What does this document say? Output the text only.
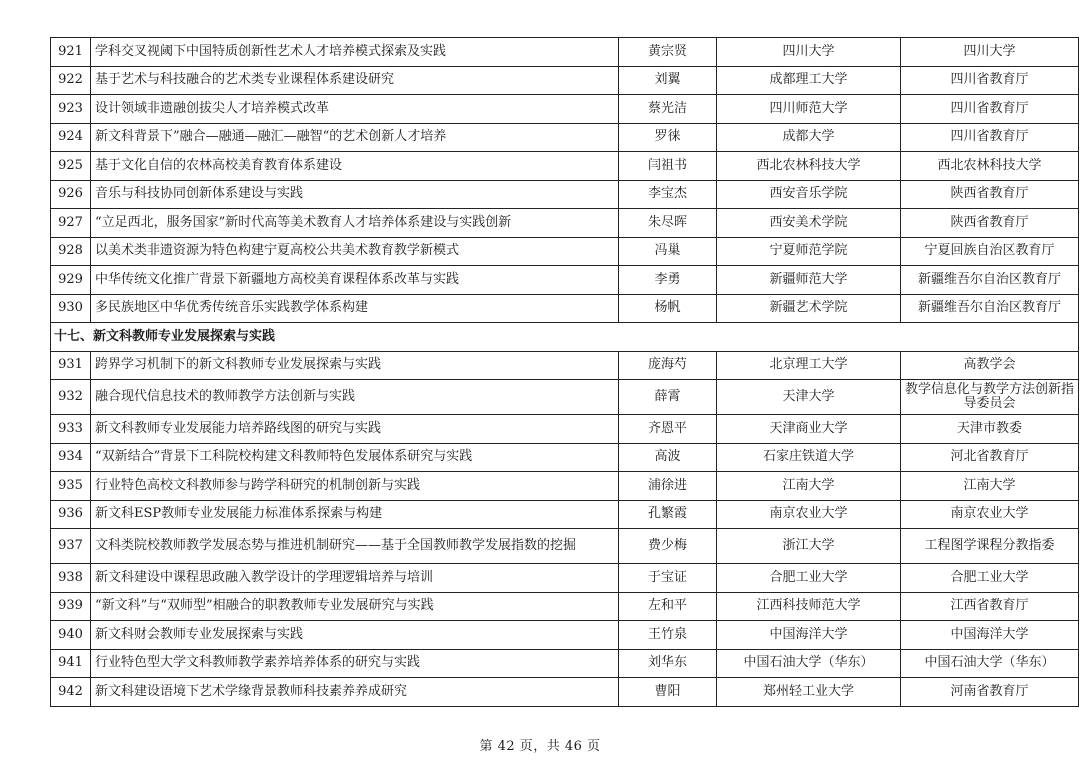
921	学科交叉视阈下中国特质创新性艺术人才培养模式探索及实践	黄宗贤	四川大学	四川大学
922	基于艺术与科技融合的艺术类专业课程体系建设研究	刘翼	成都理工大学	四川省教育厅
923	设计领域非遗融创拔尖人才培养模式改革	蔡光洁	四川师范大学	四川省教育厅
924	新文科背景下”融合—融通—融汇—融智“的艺术创新人才培养	罗徕	成都大学	四川省教育厅
925	基于文化自信的农林高校美育教育体系建设	闫祖书	西北农林科技大学	西北农林科技大学
926	音乐与科技协同创新体系建设与实践	李宝杰	西安音乐学院	陕西省教育厅
927	“立足西北，服务国家”新时代高等美术教育人才培养体系建设与实践创新	朱尽晖	西安美术学院	陕西省教育厅
928	以美术类非遗资源为特色构建宁夏高校公共美术教育教学新模式	冯巢	宁夏师范学院	宁夏回族自治区教育厅
929	中华传统文化推广背景下新疆地方高校美育课程体系改革与实践	李勇	新疆师范大学	新疆维吾尔自治区教育厅
930	多民族地区中华优秀传统音乐实践教学体系构建	杨帆	新疆艺术学院	新疆维吾尔自治区教育厅
十七、新文科教师专业发展探索与实践				
931	跨界学习机制下的新文科教师专业发展探索与实践	庞海芍	北京理工大学	高教学会
932	融合现代信息技术的教师教学方法创新与实践	薛霄	天津大学	教学信息化与教学方法创新指导委员会
933	新文科教师专业发展能力培养路线图的研究与实践	齐恩平	天津商业大学	天津市教委
934	“双新结合”背景下工科院校构建文科教师特色发展体系研究与实践	高波	石家庄铁道大学	河北省教育厅
935	行业特色高校文科教师参与跨学科研究的机制创新与实践	浦徐进	江南大学	江南大学
936	新文科ESP教师专业发展能力标准体系探索与构建	孔繁霞	南京农业大学	南京农业大学
937	文科类院校教师教学发展态势与推进机制研究——基于全国教师教学发展指数的挖掘	费少梅	浙江大学	工程图学课程分教指委
938	新文科建设中课程思政融入教学设计的学理逻辑培养与培训	于宝证	合肥工业大学	合肥工业大学
939	“新文科”与“双师型”相融合的职教教师专业发展研究与实践	左和平	江西科技师范大学	江西省教育厅
940	新文科财会教师专业发展探索与实践	王竹泉	中国海洋大学	中国海洋大学
941	行业特色型大学文科教师教学素养培养体系的研究与实践	刘华东	中国石油大学（华东）	中国石油大学（华东）
942	新文科建设语境下艺术学缘背景教师科技素养养成研究	曹阳	郑州轻工业大学	河南省教育厅
第 42 页，共 46 页
